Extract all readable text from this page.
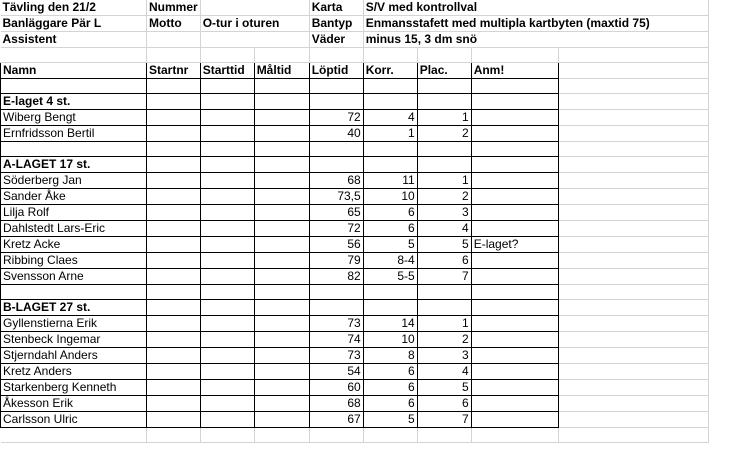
Tävling den 21/2	Nummer			Karta	S/V med kontrollval			
Banläggare Pär L	Motto	O-tur i oturen		Bantyp	Enmansstafett med multipla kartbyten (maxtid 75)			
Assistent				Väder	minus 15, 3 dm snö			

Namn	Startnr	Starttid	Måltid	Löptid	Korr.	Plac.	Anm!	

E-laget 4 st.								
Wiberg Bengt				72	4	1		
Ernfridsson Bertil				40	1	2		

A-LAGET 17 st.								
Söderberg Jan				68	11	1		
Sander Åke				73,5	10	2		
Lilja Rolf				65	6	3		
Dahlstedt Lars-Eric				72	6	4		
Kretz Acke				56	5	5	E-laget?	
Ribbing Claes				79	8-4	6		
Svensson Arne				82	5-5	7		

B-LAGET 27 st.								
Gyllenstierna Erik				73	14	1		
Stenbeck Ingemar				74	10	2		
Stjerndahl Anders				73	8	3		
Kretz Anders				54	6	4		
Starkenberg Kenneth				60	6	5		
Åkesson Erik				68	6	6		
Carlsson Ulric				67	5	7		
